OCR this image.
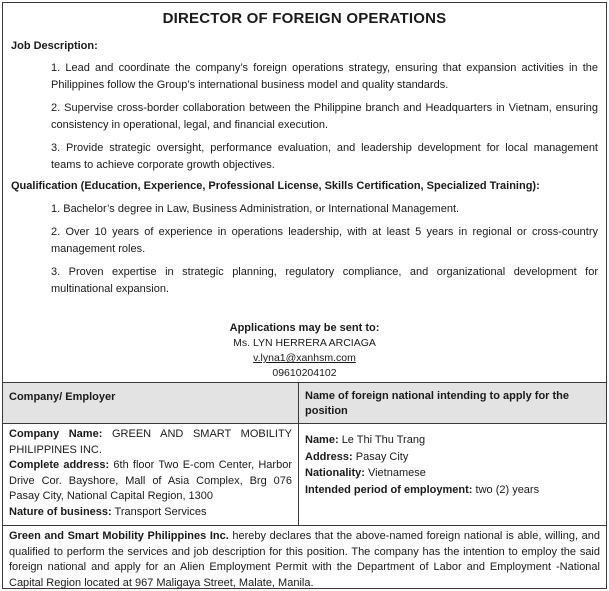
DIRECTOR OF FOREIGN OPERATIONS
Job Description:
1. Lead and coordinate the company’s foreign operations strategy, ensuring that expansion activities in the Philippines follow the Group’s international business model and quality standards.
2. Supervise cross-border collaboration between the Philippine branch and Headquarters in Vietnam, ensuring consistency in operational, legal, and financial execution.
3. Provide strategic oversight, performance evaluation, and leadership development for local management teams to achieve corporate growth objectives.
Qualification (Education, Experience, Professional License, Skills Certification, Specialized Training):
1. Bachelor’s degree in Law, Business Administration, or International Management.
2. Over 10 years of experience in operations leadership, with at least 5 years in regional or cross-country management roles.
3. Proven expertise in strategic planning, regulatory compliance, and organizational development for multinational expansion.
Applications may be sent to:
Ms. LYN HERRERA ARCIAGA
v.lyna1@xanhsm.com
09610204102
Company/ Employer	Name of foreign national intending to apply for the position
Company Name: GREEN AND SMART MOBILITY PHILIPPINES INC.
Complete address: 6th floor Two E-com Center, Harbor Drive Cor. Bayshore, Mall of Asia Complex, Brg 076 Pasay City, National Capital Region, 1300
Nature of business: Transport Services
Name: Le Thi Thu Trang
Address: Pasay City
Nationality: Vietnamese
Intended period of employment: two (2) years
Green and Smart Mobility Philippines Inc. hereby declares that the above-named foreign national is able, willing, and qualified to perform the services and job description for this position. The company has the intention to employ the said foreign national and apply for an Alien Employment Permit with the Department of Labor and Employment -National Capital Region located at 967 Maligaya Street, Malate, Manila.
